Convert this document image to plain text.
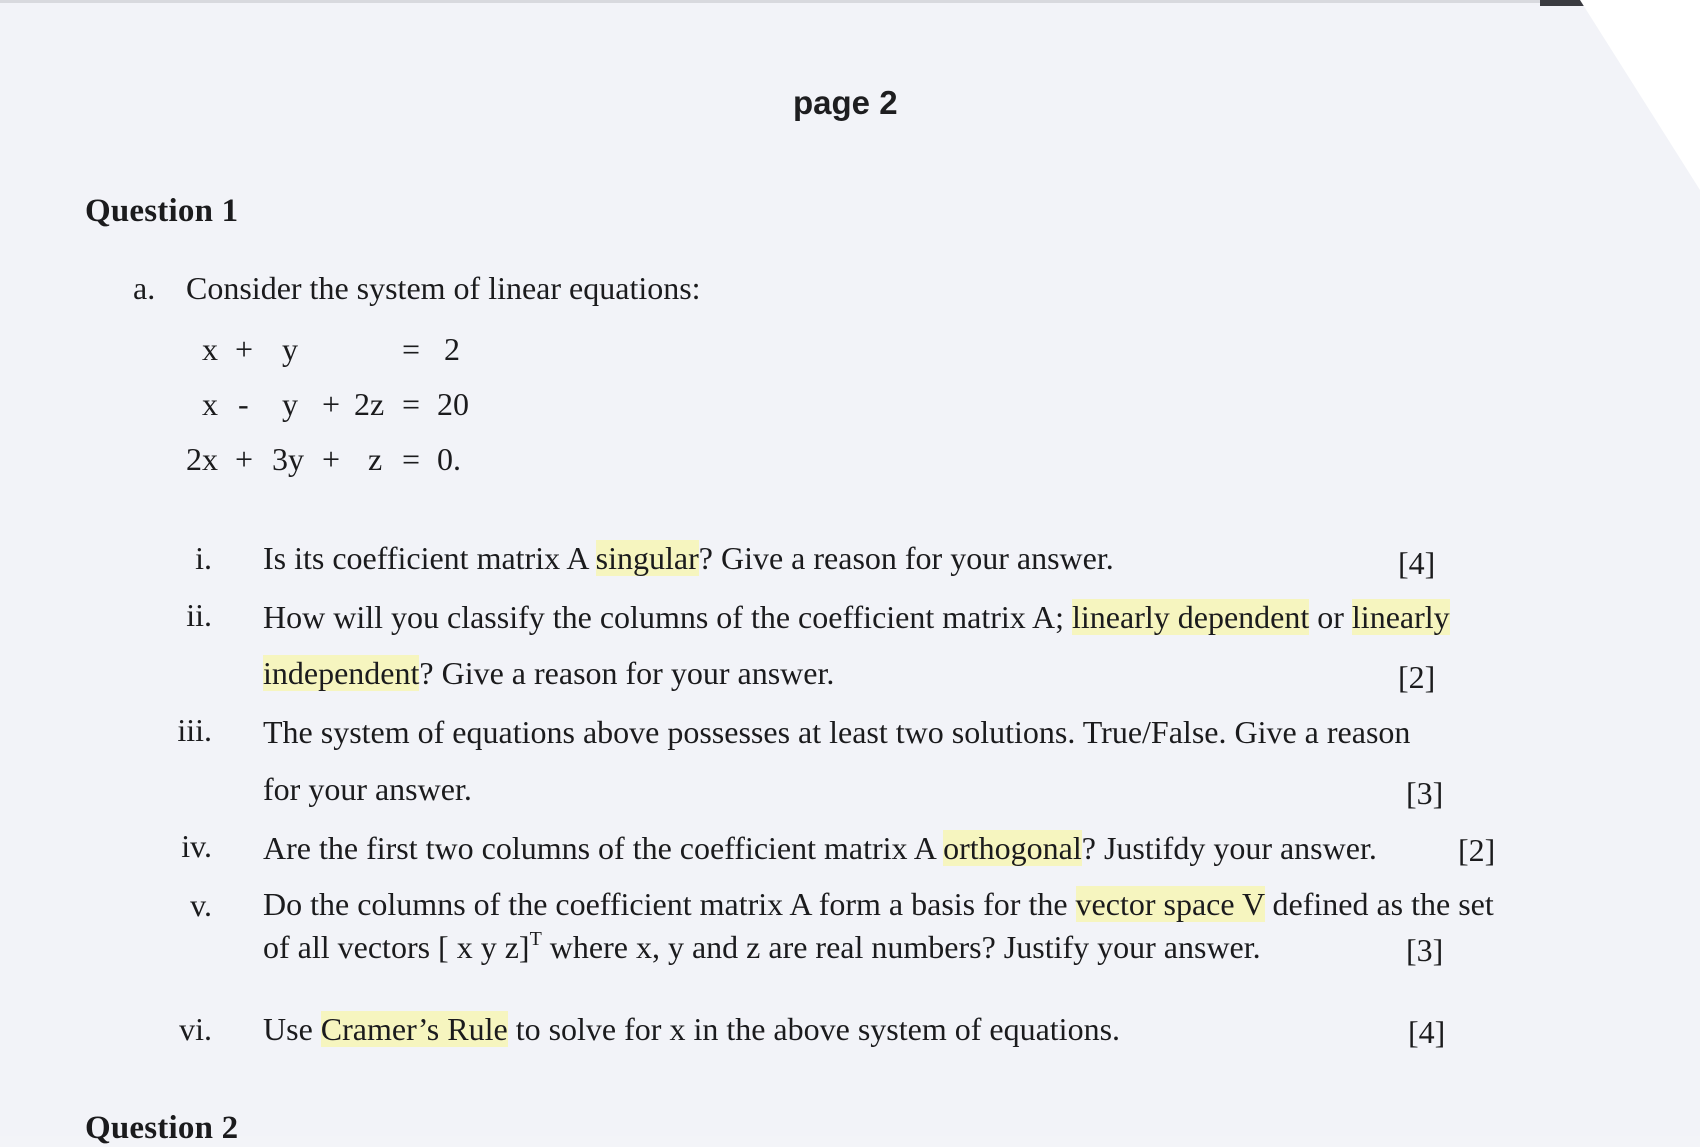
page 2
Question 1
a. Consider the system of linear equations:
x + y	= 2
x - y + 2z = 20
2x + 3y + z = 0.
i. Is its coefficient matrix A singular? Give a reason for your answer.	[4]
ii. How will you classify the columns of the coefficient matrix A; linearly dependent or linearly
independent? Give a reason for your answer.	[2]
iii. The system of equations above possesses at least two solutions. True/False. Give a reason
for your answer.	[3]
iv. Are the first two columns of the coefficient matrix A orthogonal? Justifdy your answer.	[2]
v. Do the columns of the coefficient matrix A form a basis for the vector space V defined as the set
of all vectors [ x y z]$^T$ where x, y and z are real numbers? Justify your answer.	[3]
vi. Use Cramer’s Rule to solve for x in the above system of equations.	[4]
Question 2
